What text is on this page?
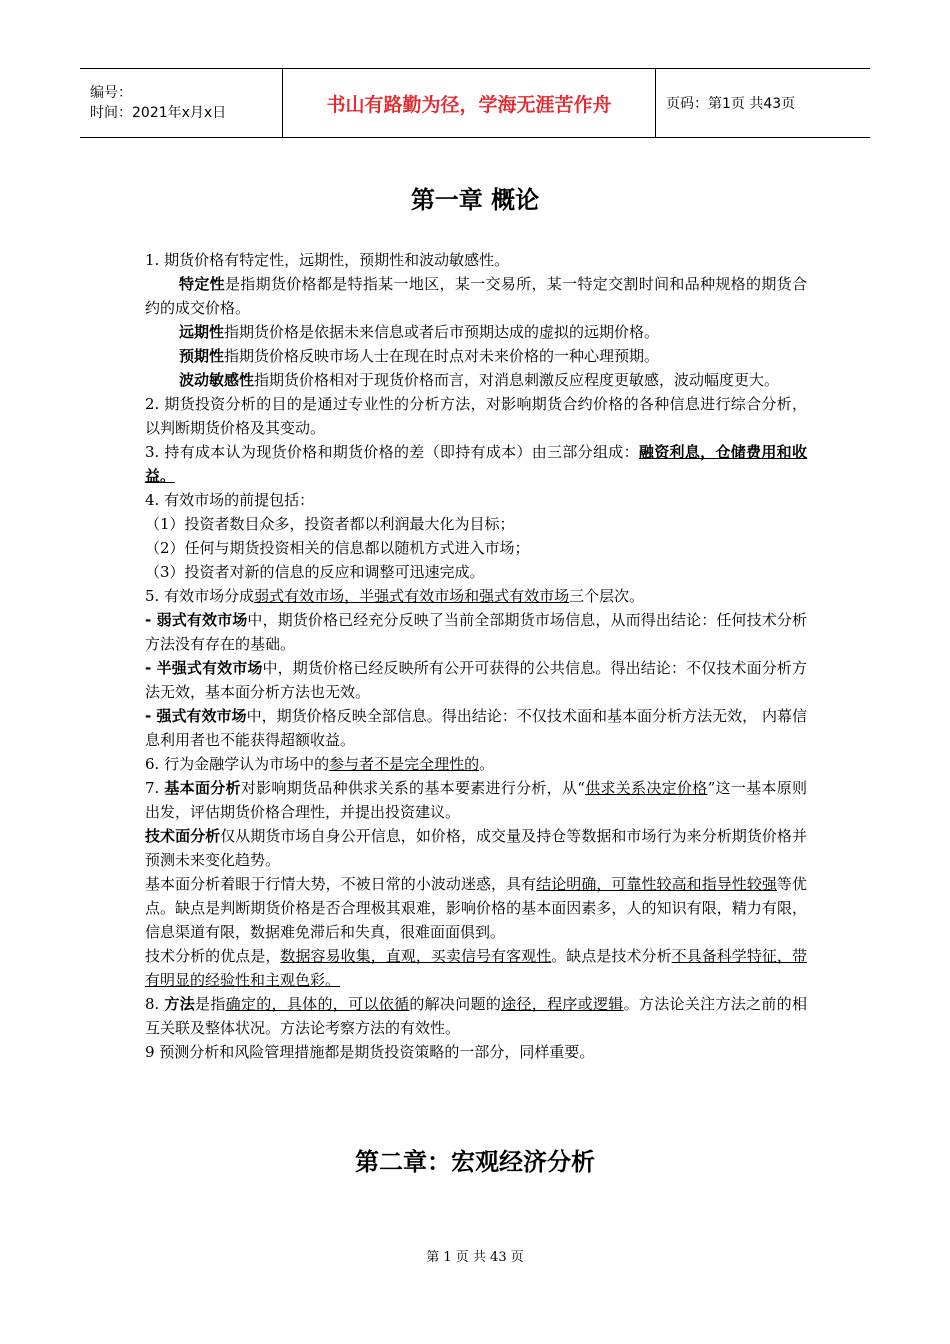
编号：
时间：2021年x月x日	书山有路勤为径，学海无涯苦作舟	页码：第1页 共43页
第一章 概论

1. 期货价格有特定性，远期性，预期性和波动敏感性。

特定性是指期货价格都是特指某一地区，某一交易所，某一特定交割时间和品种规格的期货合约的成交价格。

远期性指期货价格是依据未来信息或者后市预期达成的虚拟的远期价格。

预期性指期货价格反映市场人士在现在时点对未来价格的一种心理预期。

波动敏感性指期货价格相对于现货价格而言，对消息刺激反应程度更敏感，波动幅度更大。

2. 期货投资分析的目的是通过专业性的分析方法，对影响期货合约价格的各种信息进行综合分析，以判断期货价格及其变动。

3. 持有成本认为现货价格和期货价格的差（即持有成本）由三部分组成：融资利息，仓储费用和收益。

4. 有效市场的前提包括：

（1）投资者数目众多，投资者都以利润最大化为目标；

（2）任何与期货投资相关的信息都以随机方式进入市场；

（3）投资者对新的信息的反应和调整可迅速完成。

5. 有效市场分成弱式有效市场，半强式有效市场和强式有效市场三个层次。

- 弱式有效市场中，期货价格已经充分反映了当前全部期货市场信息，从而得出结论：任何技术分析方法没有存在的基础。

- 半强式有效市场中，期货价格已经反映所有公开可获得的公共信息。得出结论：不仅技术面分析方法无效，基本面分析方法也无效。

- 强式有效市场中，期货价格反映全部信息。得出结论：不仅技术面和基本面分析方法无效， 内幕信息利用者也不能获得超额收益。

6. 行为金融学认为市场中的参与者不是完全理性的。

7. 基本面分析对影响期货品种供求关系的基本要素进行分析，从“供求关系决定价格”这一基本原则出发，评估期货价格合理性，并提出投资建议。

技术面分析仅从期货市场自身公开信息，如价格，成交量及持仓等数据和市场行为来分析期货价格并预测未来变化趋势。

基本面分析着眼于行情大势，不被日常的小波动迷惑，具有结论明确，可靠性较高和指导性较强等优点。缺点是判断期货价格是否合理极其艰难，影响价格的基本面因素多，人的知识有限，精力有限，信息渠道有限，数据难免滞后和失真，很难面面俱到。

技术分析的优点是，数据容易收集，直观，买卖信号有客观性。缺点是技术分析不具备科学特征，带有明显的经验性和主观色彩。

8. 方法是指确定的，具体的，可以依循的解决问题的途径，程序或逻辑。方法论关注方法之前的相互关联及整体状况。方法论考察方法的有效性。

9 预测分析和风险管理措施都是期货投资策略的一部分，同样重要。

第二章：宏观经济分析
第 1 页 共 43 页
